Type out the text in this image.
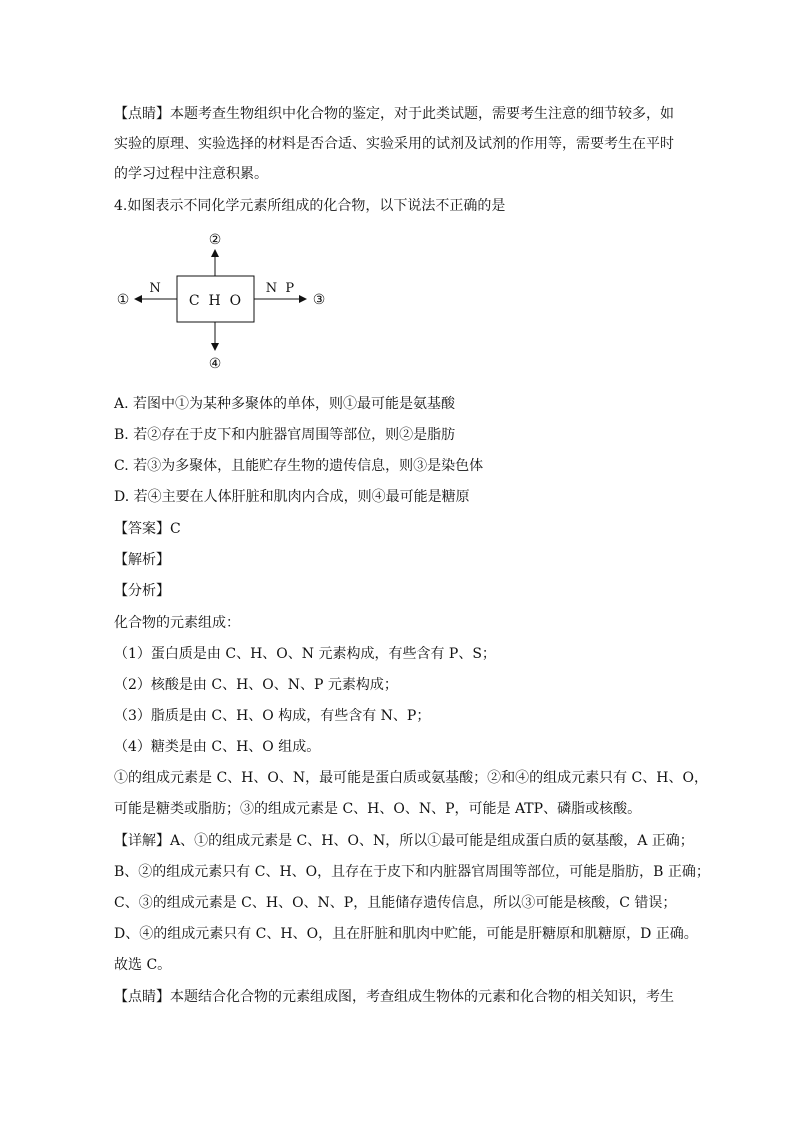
【点睛】本题考查生物组织中化合物的鉴定，对于此类试题，需要考生注意的细节较多，如
实验的原理、实验选择的材料是否合适、实验采用的试剂及试剂的作用等，需要考生在平时
的学习过程中注意积累。
4.如图表示不同化学元素所组成的化合物，以下说法不正确的是
C  H  O
②
④
N
①
N  P
③
A. 若图中①为某种多聚体的单体，则①最可能是氨基酸
B. 若②存在于皮下和内脏器官周围等部位，则②是脂肪
C. 若③为多聚体，且能贮存生物的遗传信息，则③是染色体
D. 若④主要在人体肝脏和肌肉内合成，则④最可能是糖原
【答案】C
【解析】
【分析】
化合物的元素组成：
（1）蛋白质是由 C、H、O、N 元素构成，有些含有 P、S；
（2）核酸是由 C、H、O、N、P 元素构成；
（3）脂质是由 C、H、O 构成，有些含有 N、P；
（4）糖类是由 C、H、O 组成。
①的组成元素是 C、H、O、N，最可能是蛋白质或氨基酸；②和④的组成元素只有 C、H、O，
可能是糖类或脂肪；③的组成元素是 C、H、O、N、P，可能是 ATP、磷脂或核酸。
【详解】A、①的组成元素是 C、H、O、N，所以①最可能是组成蛋白质的氨基酸，A 正确；
B、②的组成元素只有 C、H、O，且存在于皮下和内脏器官周围等部位，可能是脂肪，B 正确；
C、③的组成元素是 C、H、O、N、P，且能储存遗传信息，所以③可能是核酸，C 错误；
D、④的组成元素只有 C、H、O，且在肝脏和肌肉中贮能，可能是肝糖原和肌糖原，D 正确。
故选 C。
【点睛】本题结合化合物的元素组成图，考查组成生物体的元素和化合物的相关知识，考生
